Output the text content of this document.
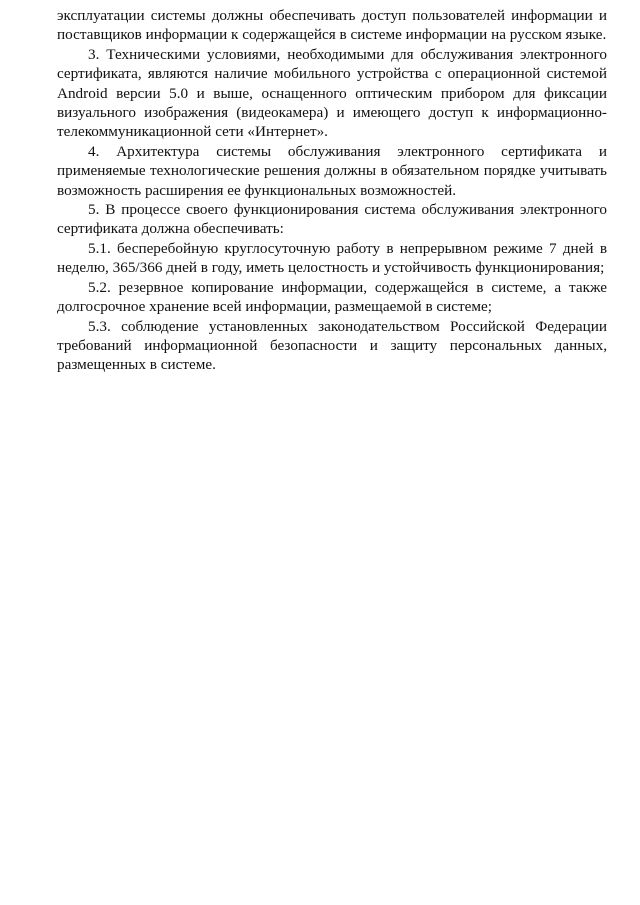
эксплуатации системы должны обеспечивать доступ пользователей информации и поставщиков информации к содержащейся в системе информации на русском языке.

3. Техническими условиями, необходимыми для обслуживания электронного сертификата, являются наличие мобильного устройства с операционной системой Android версии 5.0 и выше, оснащенного оптическим прибором для фиксации визуального изображения (видеокамера) и имеющего доступ к информационно-телекоммуникационной сети «Интернет».

4. Архитектура системы обслуживания электронного сертификата и применяемые технологические решения должны в обязательном порядке учитывать возможность расширения ее функциональных возможностей.

5. В процессе своего функционирования система обслуживания электронного сертификата должна обеспечивать:

5.1. бесперебойную круглосуточную работу в непрерывном режиме 7 дней в неделю, 365/366 дней в году, иметь целостность и устойчивость функционирования;

5.2. резервное копирование информации, содержащейся в системе, а также долгосрочное хранение всей информации, размещаемой в системе;

5.3. соблюдение установленных законодательством Российской Федерации требований информационной безопасности и защиту персональных данных, размещенных в системе.
